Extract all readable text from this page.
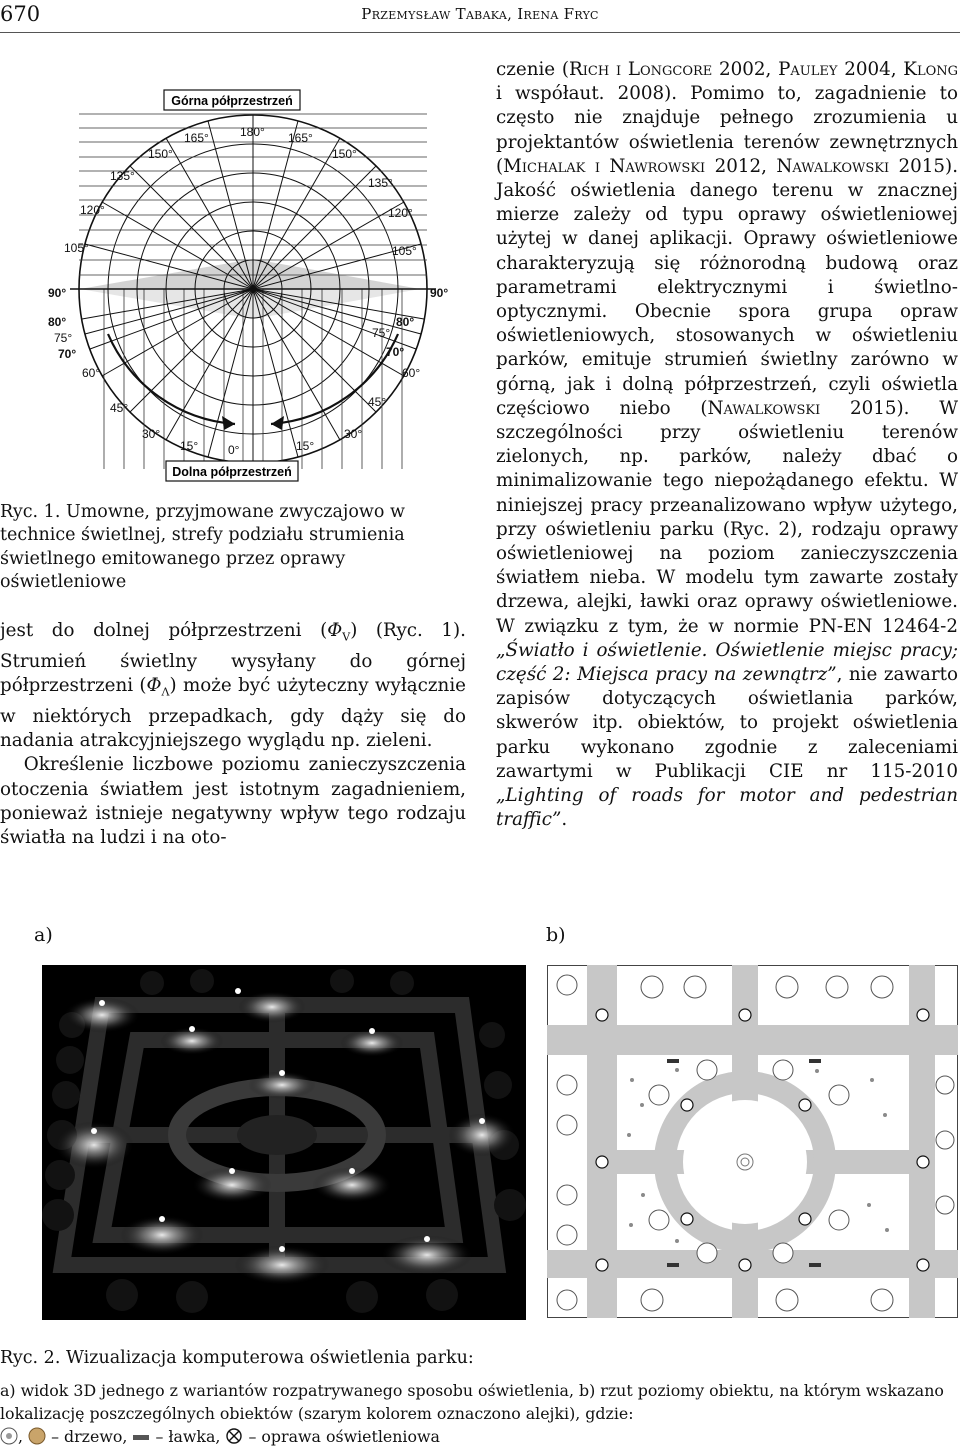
670	Przemysław Tabaka, Irena Fryc
Górna półprzestrzeń
Dolna półprzestrzeń
180°
165°	165°
150°	150°
135°	135°
120°	120°
105°	105°
90°	90°
80°	80°
75°	75°
70°	70°
60°	60°
45°	45°
30°	30°
15°	15°
0°
Ryc. 1. Umowne, przyjmowane zwyczajowo w technice świetlnej, strefy podziału strumienia świetlnego emitowanego przez oprawy oświetleniowe

jest do dolnej półprzestrzeni $(\Phi_V)$ (Ryc. 1). Strumień świetlny wysyłany do górnej półprzestrzeni $(\Phi_\Lambda)$ może być użyteczny wyłącznie w niektórych przepadkach, gdy dąży się do nadania atrakcyjniejszego wyglądu np. zieleni.

Określenie liczbowe poziomu zanieczyszczenia otoczenia światłem jest istotnym zagadnieniem, ponieważ istnieje negatywny wpływ tego rodzaju światła na ludzi i na oto-

czenie (Rich i Longcore 2002, Pauley 2004, Klong i współaut. 2008). Pomimo to, zagadnienie to często nie znajduje pełnego zrozumienia u projektantów oświetlenia terenów zewnętrznych (Michalak i Nawrowski 2012, Nawalkowski 2015). Jakość oświetlenia danego terenu w znacznej mierze zależy od typu oprawy oświetleniowej użytej w danej aplikacji. Oprawy oświetleniowe charakteryzują się różnorodną budową oraz parametrami elektrycznymi i świetlno-optycznymi. Obecnie spora grupa opraw oświetleniowych, stosowanych w oświetleniu parków, emituje strumień świetlny zarówno w górną, jak i dolną półprzestrzeń, czyli oświetla częściowo niebo (Nawalkowski 2015). W szczególności przy oświetleniu terenów zielonych, np. parków, należy dbać o minimalizowanie tego niepożądanego efektu. W niniejszej pracy przeanalizowano wpływ użytego, przy oświetleniu parku (Ryc. 2), rodzaju oprawy oświetleniowej na poziom zanieczyszczenia światłem nieba. W modelu tym zawarte zostały drzewa, alejki, ławki oraz oprawy oświetleniowe. W związku z tym, że w normie PN-EN 12464-2 „Światło i oświetlenie. Oświetlenie miejsc pracy; część 2: Miejsca pracy na zewnątrz”, nie zawarto zapisów dotyczących oświetlania parków, skwerów itp. obiektów, to projekt oświetlenia parku wykonano zgodnie z zaleceniami zawartymi w Publikacji CIE nr 115-2010 „Lighting of roads for motor and pedestrian traffic”.

a)	b)
Ryc. 2. Wizualizacja komputerowa oświetlenia parku:
a) widok 3D jednego z wariantów rozpatrywanego sposobu oświetlenia, b) rzut poziomy obiektu, na którym wskazano lokalizację poszczególnych obiektów (szarym kolorem oznaczono alejki), gdzie:
,  – drzewo,  – ławka,  – oprawa oświetleniowa
